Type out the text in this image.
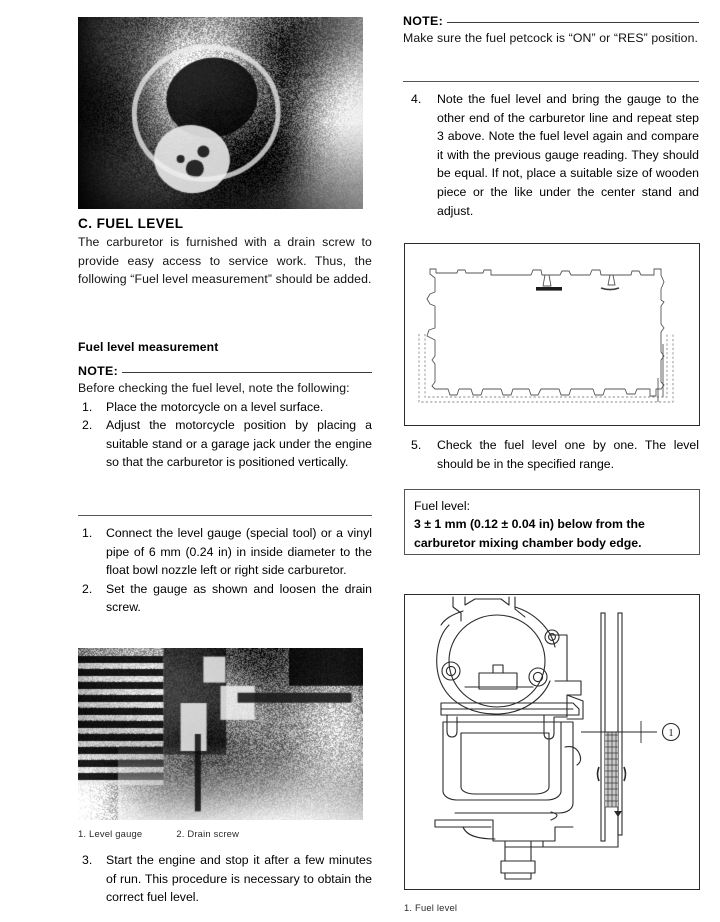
C. FUEL LEVEL
The carburetor is furnished with a drain screw to provide easy access to service work. Thus, the following “Fuel level measurement” should be added.
Fuel level measurement
NOTE:
Before checking the fuel level, note the following:
1.	Place the motorcycle on a level surface.
2.	Adjust the motorcycle position by placing a suitable stand or a garage jack under the engine so that the carburetor is positioned vertically.
1.	Connect the level gauge (special tool) or a vinyl pipe of 6 mm (0.24 in) in inside diameter to the float bowl nozzle left or right side carburetor.
2.	Set the gauge as shown and loosen the drain screw.
1. Level gauge	2. Drain screw
3.	Start the engine and stop it after a few minutes of run. This procedure is necessary to obtain the correct fuel level.
NOTE:
Make sure the fuel petcock is “ON” or “RES” position.
4.	Note the fuel level and bring the gauge to the other end of the carburetor line and repeat step 3 above. Note the fuel level again and compare it with the previous gauge reading. They should be equal. If not, place a suitable size of wooden piece or the like under the center stand and adjust.
5.	Check the fuel level one by one. The level should be in the specified range.
Fuel level:
3 ± 1 mm (0.12 ± 0.04 in) below from the
carburetor mixing chamber body edge.
1
1. Fuel level
